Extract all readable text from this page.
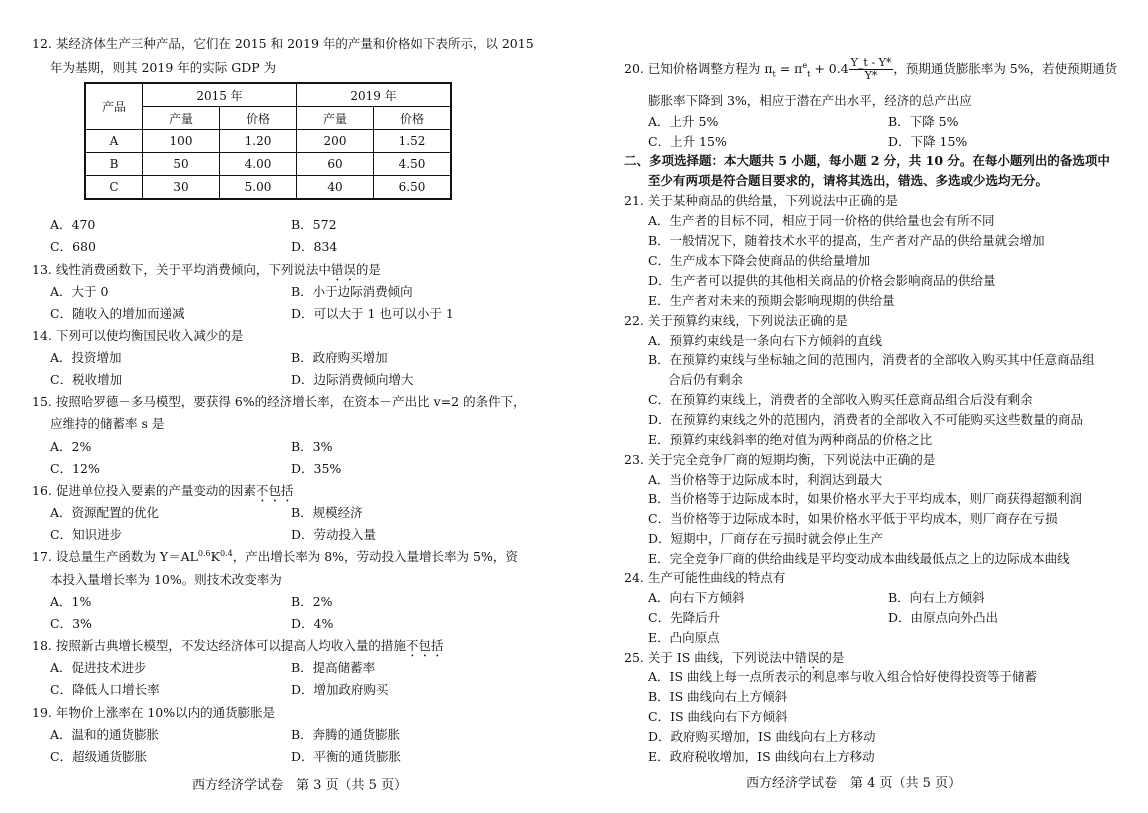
12. 某经济体生产三种产品，它们在 2015 和 2019 年的产量和价格如下表所示，以 2015
年为基期，则其 2019 年的实际 GDP 为
产品	2015 年		2019 年	
	产量	价格	产量	价格
A	100	1.20	200	1.52
B	50	4.00	60	4.50
C	30	5.00	40	6.50
A．470	B．572
C．680	D．834
13. 线性消费函数下，关于平均消费倾向，下列说法中错误的是
A．大于 0	B．小于边际消费倾向
C．随收入的增加而递减	D．可以大于 1 也可以小于 1
14. 下列可以使均衡国民收入减少的是
A．投资增加	B．政府购买增加
C．税收增加	D．边际消费倾向增大
15. 按照哈罗德－多马模型，要获得 6%的经济增长率，在资本－产出比 v=2 的条件下，
应维持的储蓄率 s 是
A．2%	B．3%
C．12%	D．35%
16. 促进单位投入要素的产量变动的因素不包括
A．资源配置的优化	B．规模经济
C．知识进步	D．劳动投入量
17. 设总量生产函数为 $Y=AL^{0.6}K^{0.4}$，产出增长率为 8%，劳动投入量增长率为 5%，资
本投入量增长率为 10%。则技术改变率为
A．1%	B．2%
C．3%	D．4%
18. 按照新古典增长模型，不发达经济体可以提高人均收入量的措施不包括
A．促进技术进步	B．提高储蓄率
C．降低人口增长率	D．增加政府购买
19. 年物价上涨率在 10%以内的通货膨胀是
A．温和的通货膨胀	B．奔腾的通货膨胀
C．超级通货膨胀	D．平衡的通货膨胀
西方经济学试卷　第 3 页（共 5 页）
20. 已知价格调整方程为 $\pi_t = \pi^e_t + 0.4 \frac{Y\_t - Y*}{Y*}$ ，预期通货膨胀率为 5%，若使预期通货
膨胀率下降到 3%，相应于潜在产出水平，经济的总产出应
A．上升 5%	B．下降 5%
C．上升 15%	D．下降 15%
二、多项选择题：本大题共 5 小题，每小题 2 分，共 10 分。在每小题列出的备选项中
至少有两项是符合题目要求的，请将其选出，错选、多选或少选均无分。
21. 关于某种商品的供给量，下列说法中正确的是
A．生产者的目标不同，相应于同一价格的供给量也会有所不同
B．一般情况下，随着技术水平的提高，生产者对产品的供给量就会增加
C．生产成本下降会使商品的供给量增加
D．生产者可以提供的其他相关商品的价格会影响商品的供给量
E．生产者对未来的预期会影响现期的供给量
22. 关于预算约束线，下列说法正确的是
A．预算约束线是一条向右下方倾斜的直线
B．在预算约束线与坐标轴之间的范围内，消费者的全部收入购买其中任意商品组
合后仍有剩余
C．在预算约束线上，消费者的全部收入购买任意商品组合后没有剩余
D．在预算约束线之外的范围内，消费者的全部收入不可能购买这些数量的商品
E．预算约束线斜率的绝对值为两种商品的价格之比
23. 关于完全竞争厂商的短期均衡，下列说法中正确的是
A．当价格等于边际成本时，利润达到最大
B．当价格等于边际成本时，如果价格水平大于平均成本，则厂商获得超额利润
C．当价格等于边际成本时，如果价格水平低于平均成本，则厂商存在亏损
D．短期中，厂商存在亏损时就会停止生产
E．完全竞争厂商的供给曲线是平均变动成本曲线最低点之上的边际成本曲线
24. 生产可能性曲线的特点有
A．向右下方倾斜	B．向右上方倾斜
C．先降后升	D．由原点向外凸出
E．凸向原点
25. 关于 IS 曲线，下列说法中错误的是
A．IS 曲线上每一点所表示的利息率与收入组合恰好使得投资等于储蓄
B．IS 曲线向右上方倾斜
C．IS 曲线向右下方倾斜
D．政府购买增加，IS 曲线向右上方移动
E．政府税收增加，IS 曲线向右上方移动
西方经济学试卷　第 4 页（共 5 页）
